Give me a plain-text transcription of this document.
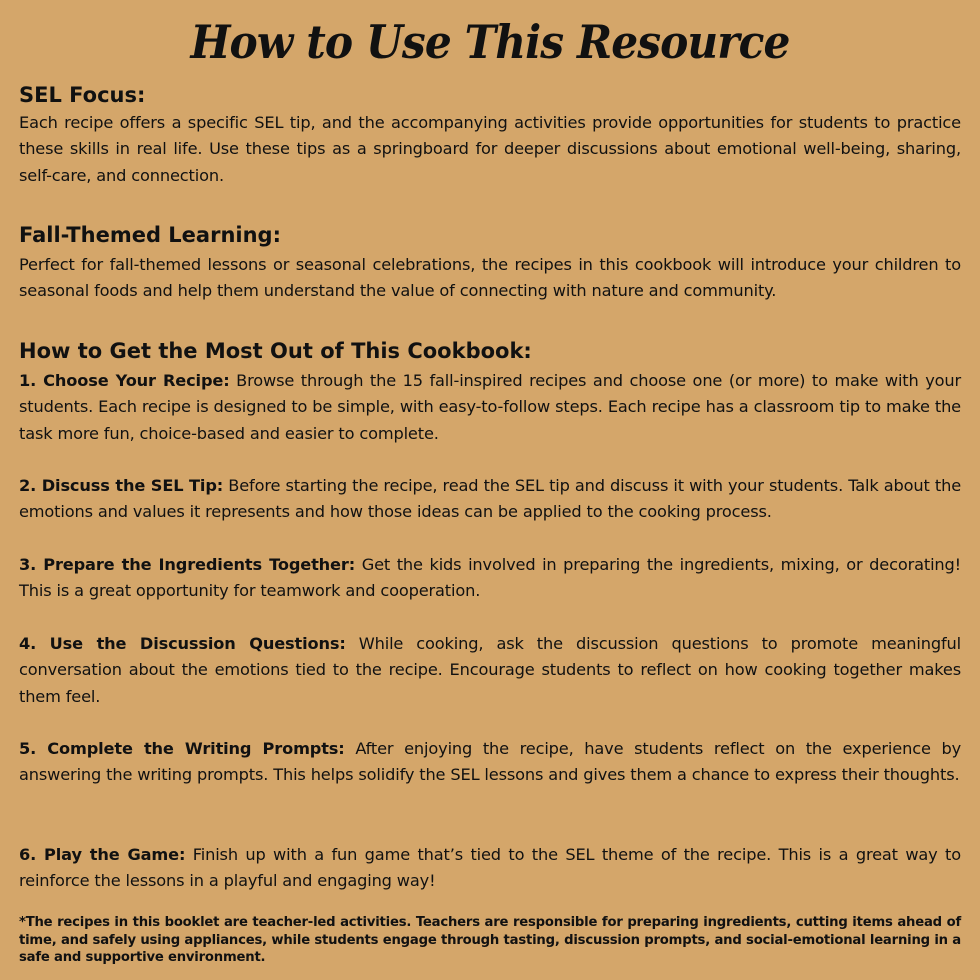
How to Use This Resource
SEL Focus:

Each recipe offers a specific SEL tip, and the accompanying activities provide opportunities for students to practice these skills in real life. Use these tips as a springboard for deeper discussions about emotional well-being, sharing, self-care, and connection.

Fall-Themed Learning:

Perfect for fall-themed lessons or seasonal celebrations, the recipes in this cookbook will introduce your children to seasonal foods and help them understand the value of connecting with nature and community.

How to Get the Most Out of This Cookbook:

1. Choose Your Recipe: Browse through the 15 fall-inspired recipes and choose one (or more) to make with your students. Each recipe is designed to be simple, with easy-to-follow steps. Each recipe has a classroom tip to make the task more fun, choice-based and easier to complete.

2. Discuss the SEL Tip: Before starting the recipe, read the SEL tip and discuss it with your students. Talk about the emotions and values it represents and how those ideas can be applied to the cooking process.

3. Prepare the Ingredients Together: Get the kids involved in preparing the ingredients, mixing, or decorating! This is a great opportunity for teamwork and cooperation.

4. Use the Discussion Questions: While cooking, ask the discussion questions to promote meaningful conversation about the emotions tied to the recipe. Encourage students to reflect on how cooking together makes them feel.

5. Complete the Writing Prompts: After enjoying the recipe, have students reflect on the experience by answering the writing prompts. This helps solidify the SEL lessons and gives them a chance to express their thoughts.

6. Play the Game: Finish up with a fun game that’s tied to the SEL theme of the recipe. This is a great way to reinforce the lessons in a playful and engaging way!

*The recipes in this booklet are teacher-led activities. Teachers are responsible for preparing ingredients, cutting items ahead of time, and safely using appliances, while students engage through tasting, discussion prompts, and social-emotional learning in a safe and supportive environment.
